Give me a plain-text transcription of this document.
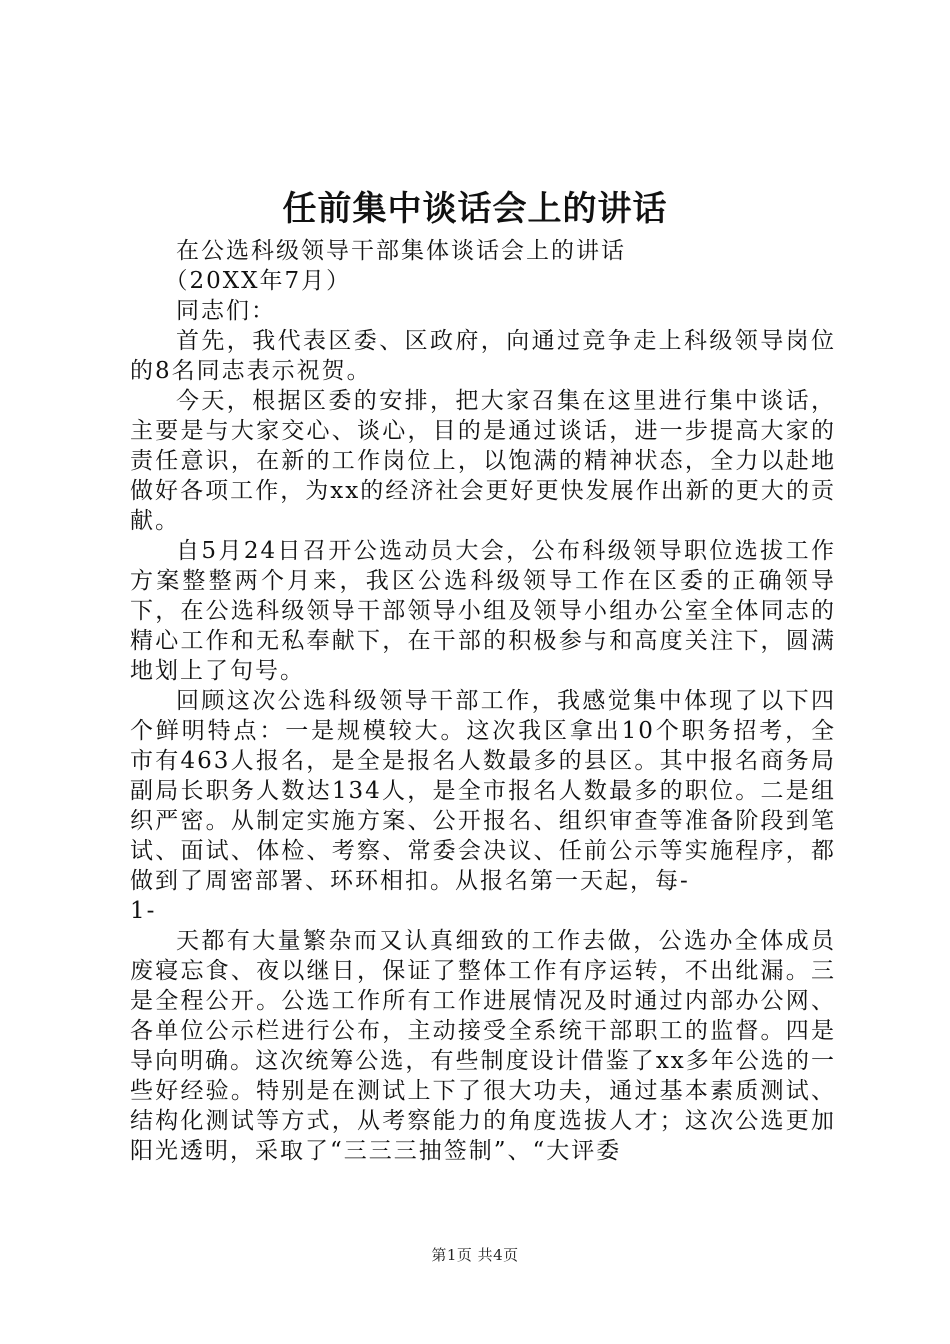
任前集中谈话会上的讲话

在公选科级领导干部集体谈话会上的讲话

（20XX年7月）

同志们：

首先，我代表区委、区政府，向通过竞争走上科级领导岗位的8名同志表示祝贺。

今天，根据区委的安排，把大家召集在这里进行集中谈话，主要是与大家交心、谈心，目的是通过谈话，进一步提高大家的责任意识，在新的工作岗位上，以饱满的精神状态，全力以赴地做好各项工作，为xx的经济社会更好更快发展作出新的更大的贡献。

自5月24日召开公选动员大会，公布科级领导职位选拔工作方案整整两个月来，我区公选科级领导工作在区委的正确领导下，在公选科级领导干部领导小组及领导小组办公室全体同志的精心工作和无私奉献下，在干部的积极参与和高度关注下，圆满地划上了句号。

回顾这次公选科级领导干部工作，我感觉集中体现了以下四个鲜明特点：一是规模较大。这次我区拿出10个职务招考，全市有463人报名，是全是报名人数最多的县区。其中报名商务局副局长职务人数达134人，是全市报名人数最多的职位。二是组织严密。从制定实施方案、公开报名、组织审查等准备阶段到笔试、面试、体检、考察、常委会决议、任前公示等实施程序，都做到了周密部署、环环相扣。从报名第一天起，每-

1-

天都有大量繁杂而又认真细致的工作去做，公选办全体成员废寝忘食、夜以继日，保证了整体工作有序运转，不出纰漏。三是全程公开。公选工作所有工作进展情况及时通过内部办公网、各单位公示栏进行公布，主动接受全系统干部职工的监督。四是导向明确。这次统筹公选，有些制度设计借鉴了xx多年公选的一些好经验。特别是在测试上下了很大功夫，通过基本素质测试、结构化测试等方式，从考察能力的角度选拔人才；这次公选更加阳光透明，采取了“三三三抽签制”、“大评委

第1页 共4页
